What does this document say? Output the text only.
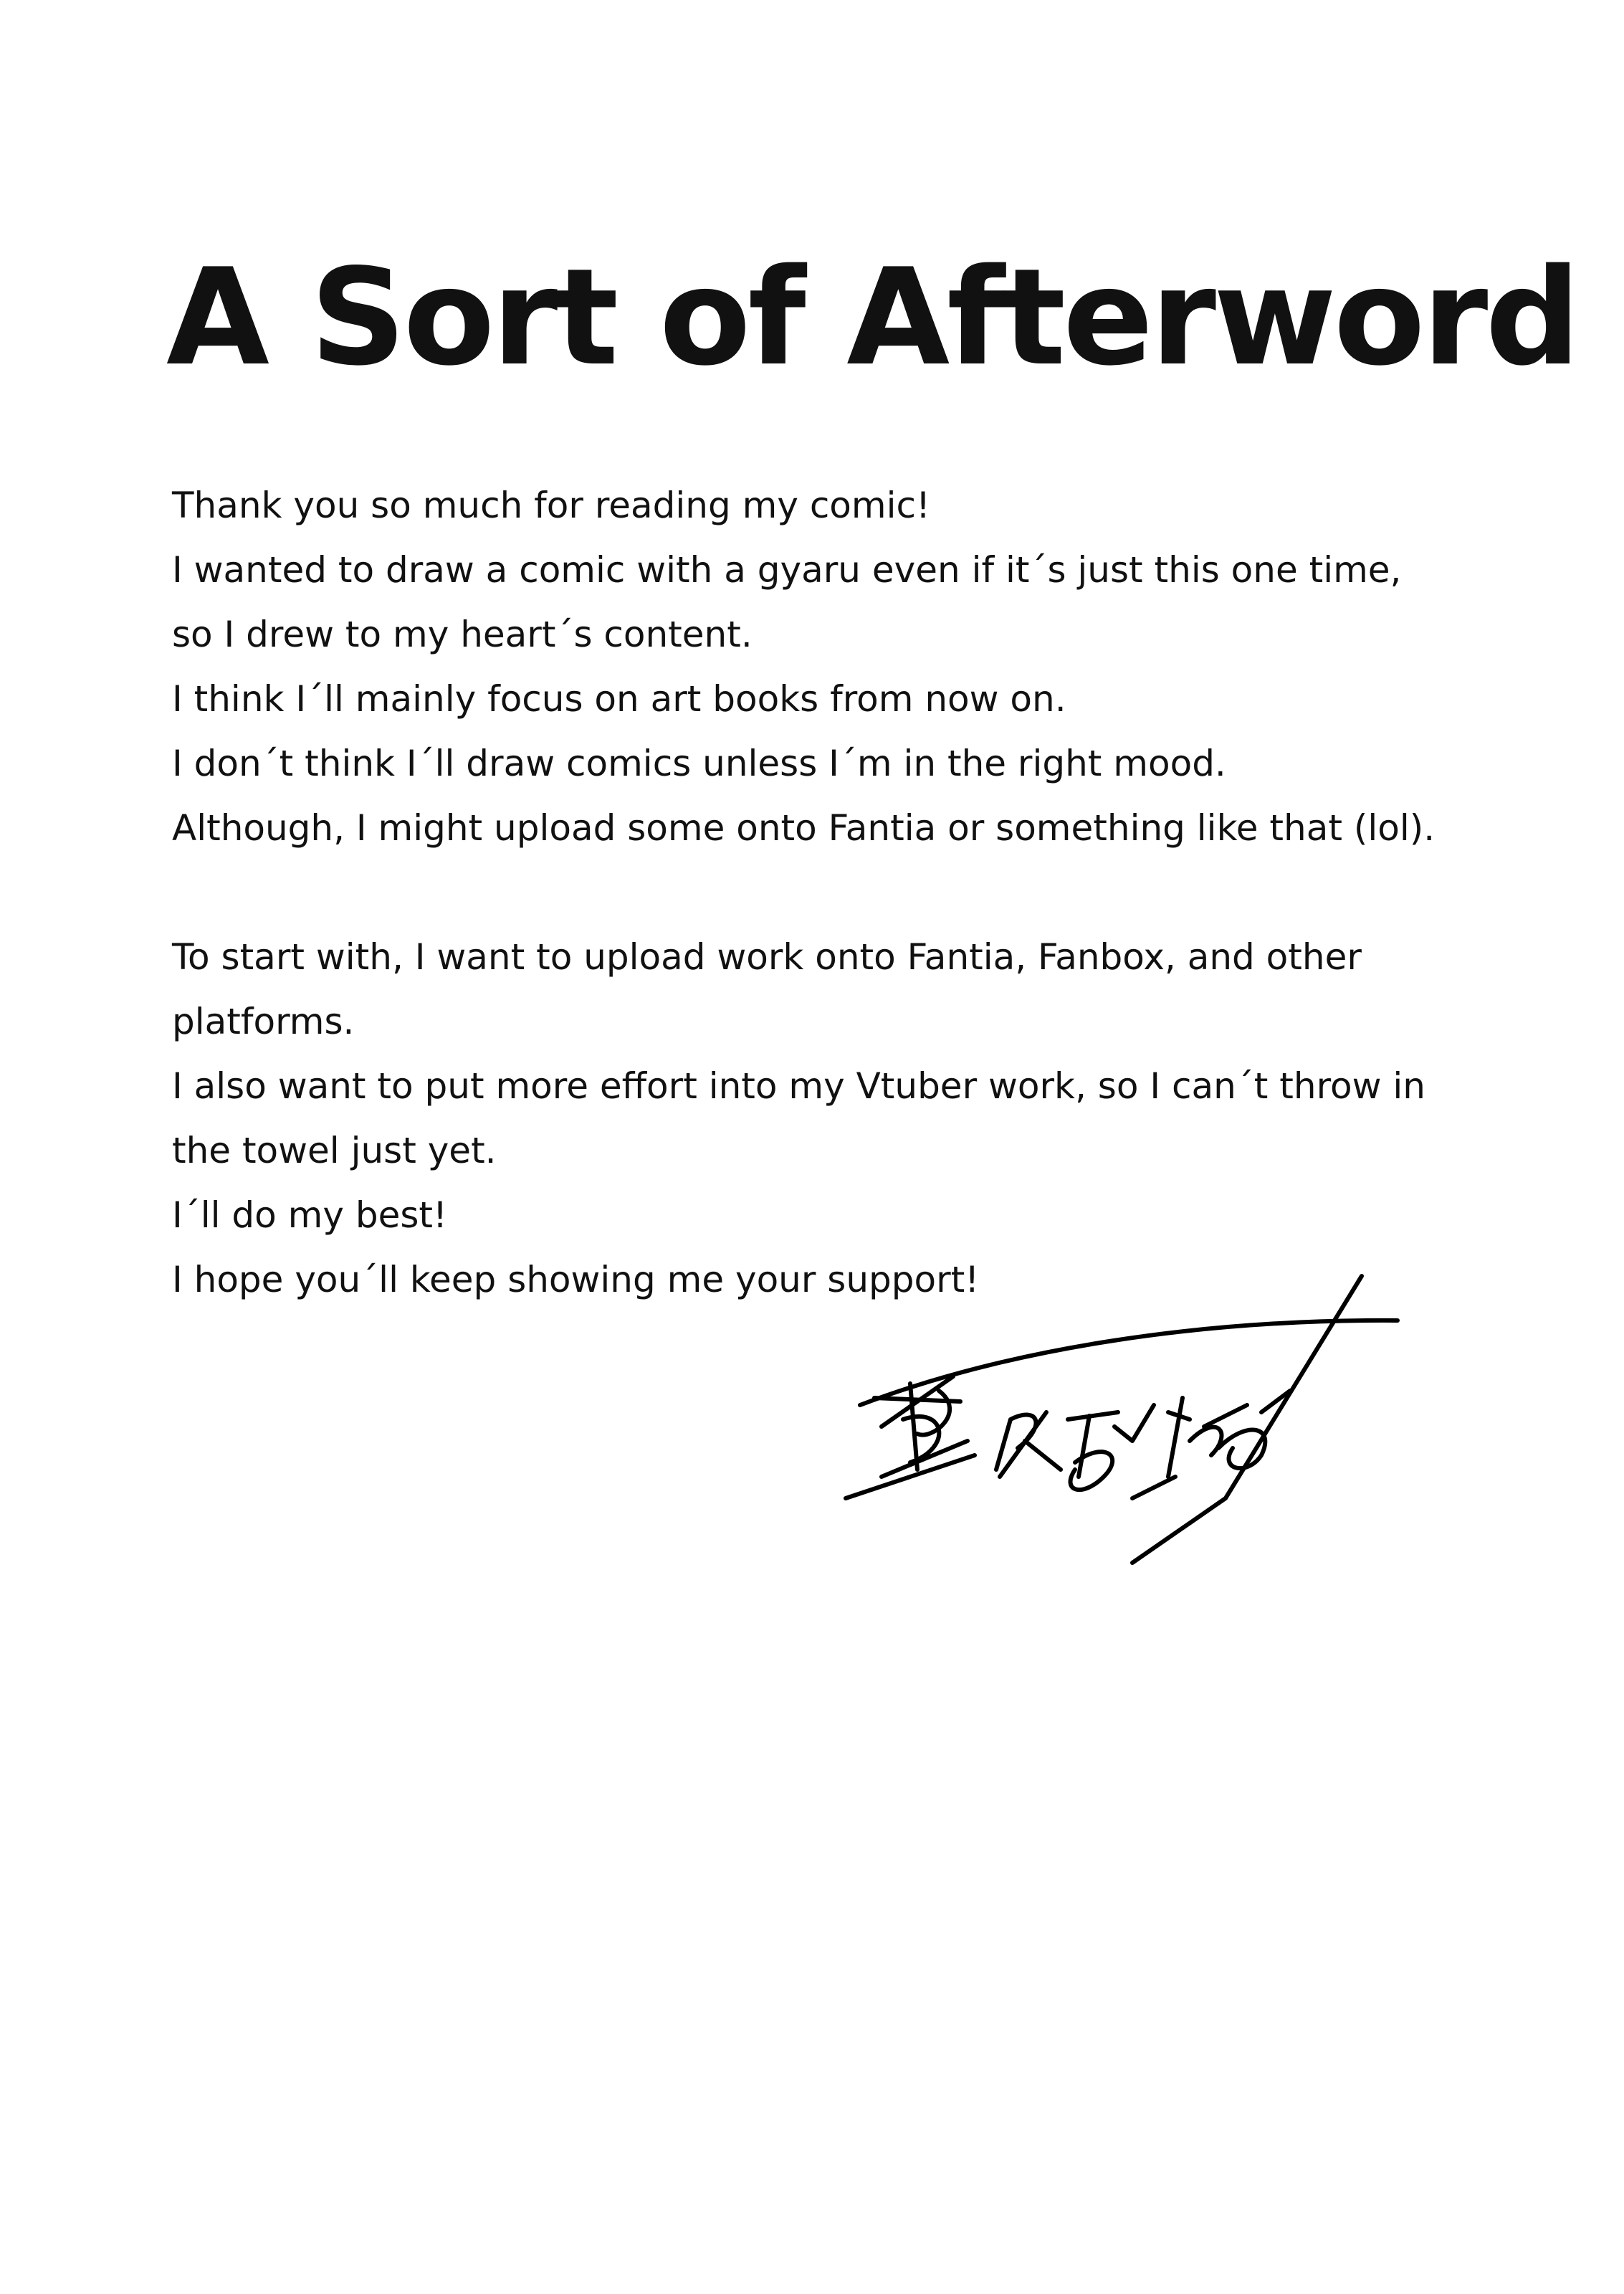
A Sort of Afterword
Thank you so much for reading my comic!
I wanted to draw a comic with a gyaru even if it´s just this one time,
so I drew to my heart´s content.
I think I´ll mainly focus on art books from now on.
I don´t think I´ll draw comics unless I´m in the right mood.
Although, I might upload some onto Fantia or something like that (lol).
To start with, I want to upload work onto Fantia, Fanbox, and other
platforms.
I also want to put more effort into my Vtuber work, so I can´t throw in
the towel just yet.
I´ll do my best!
I hope you´ll keep showing me your support!
